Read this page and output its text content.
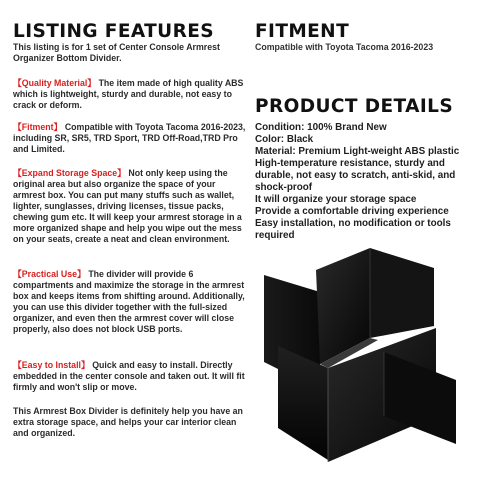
LISTING FEATURES

This listing is for 1 set of Center Console Armrest Organizer Bottom Divider.

【Quality Material】 The item made of high quality ABS which is lightweight, sturdy and durable, not easy to crack or deform.

【Fitment】 Compatible with Toyota Tacoma 2016-2023, including SR, SR5, TRD Sport, TRD Off-Road,TRD Pro and Limited.

【Expand Storage Space】 Not only keep using the original area but also organize the space of your armrest box. You can put many stuffs such as wallet, lighter, sunglasses, driving licenses, tissue packs, chewing gum etc. It will keep your armrest storage in a more organized shape and help you wipe out the mess on your seats, create a neat and clean environment.

【Practical Use】 The divider will provide 6 compartments and maximize the storage in the armrest box and keeps items from shifting around. Additionally, you can use this divider together with the full-sized organizer, and even then the armrest cover will close properly, also does not block USB ports.

【Easy to Install】 Quick and easy to install. Directly embedded in the center console and taken out. It will fit firmly and won't slip or move.

This Armrest Box Divider is definitely help you have an extra storage space, and helps your car interior clean and organized.

FITMENT

Compatible with Toyota Tacoma 2016-2023

PRODUCT DETAILS
Condition: 100% Brand New
Color: Black
Material: Premium Light-weight ABS plastic
High-temperature resistance, sturdy and durable, not easy to scratch, anti-skid, and shock-proof
It will organize your storage space
Provide a comfortable driving experience
Easy installation, no modification or tools required
